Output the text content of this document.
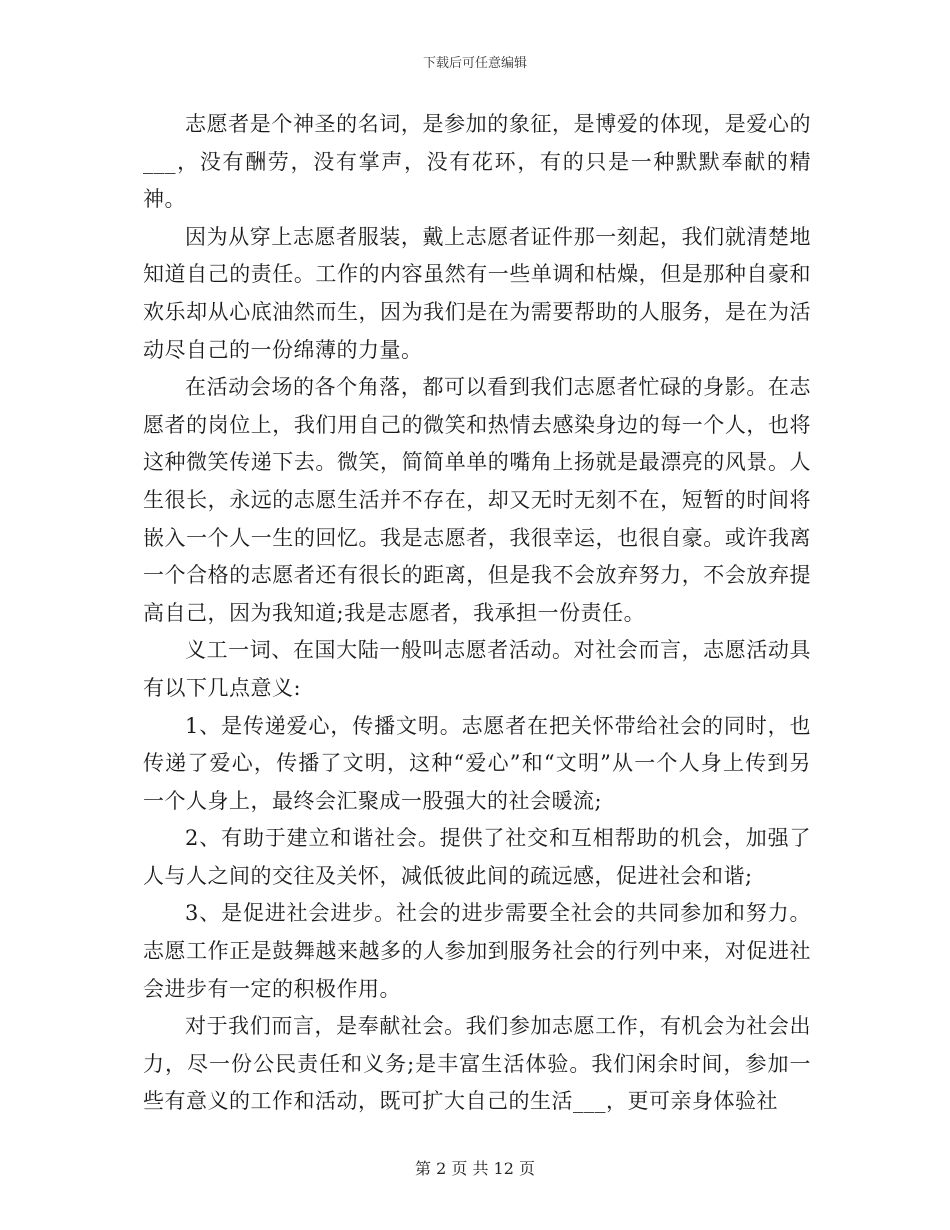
下载后可任意编辑

志愿者是个神圣的名词，是参加的象征，是博爱的体现，是爱心的___，没有酬劳，没有掌声，没有花环，有的只是一种默默奉献的精神。

因为从穿上志愿者服装，戴上志愿者证件那一刻起，我们就清楚地知道自己的责任。工作的内容虽然有一些单调和枯燥，但是那种自豪和欢乐却从心底油然而生，因为我们是在为需要帮助的人服务，是在为活动尽自己的一份绵薄的力量。

在活动会场的各个角落，都可以看到我们志愿者忙碌的身影。在志愿者的岗位上，我们用自己的微笑和热情去感染身边的每一个人，也将这种微笑传递下去。微笑，简简单单的嘴角上扬就是最漂亮的风景。人生很长，永远的志愿生活并不存在，却又无时无刻不在，短暂的时间将嵌入一个人一生的回忆。我是志愿者，我很幸运，也很自豪。或许我离一个合格的志愿者还有很长的距离，但是我不会放弃努力，不会放弃提高自己，因为我知道;我是志愿者，我承担一份责任。

义工一词、在国大陆一般叫志愿者活动。对社会而言，志愿活动具有以下几点意义:

1、是传递爱心，传播文明。志愿者在把关怀带给社会的同时，也传递了爱心，传播了文明，这种“爱心”和“文明”从一个人身上传到另一个人身上，最终会汇聚成一股强大的社会暖流;

2、有助于建立和谐社会。提供了社交和互相帮助的机会，加强了人与人之间的交往及关怀，减低彼此间的疏远感，促进社会和谐;

3、是促进社会进步。社会的进步需要全社会的共同参加和努力。志愿工作正是鼓舞越来越多的人参加到服务社会的行列中来，对促进社会进步有一定的积极作用。

对于我们而言，是奉献社会。我们参加志愿工作，有机会为社会出力，尽一份公民责任和义务;是丰富生活体验。我们闲余时间，参加一些有意义的工作和活动，既可扩大自己的生活___，更可亲身体验社

第 2 页 共 12 页
